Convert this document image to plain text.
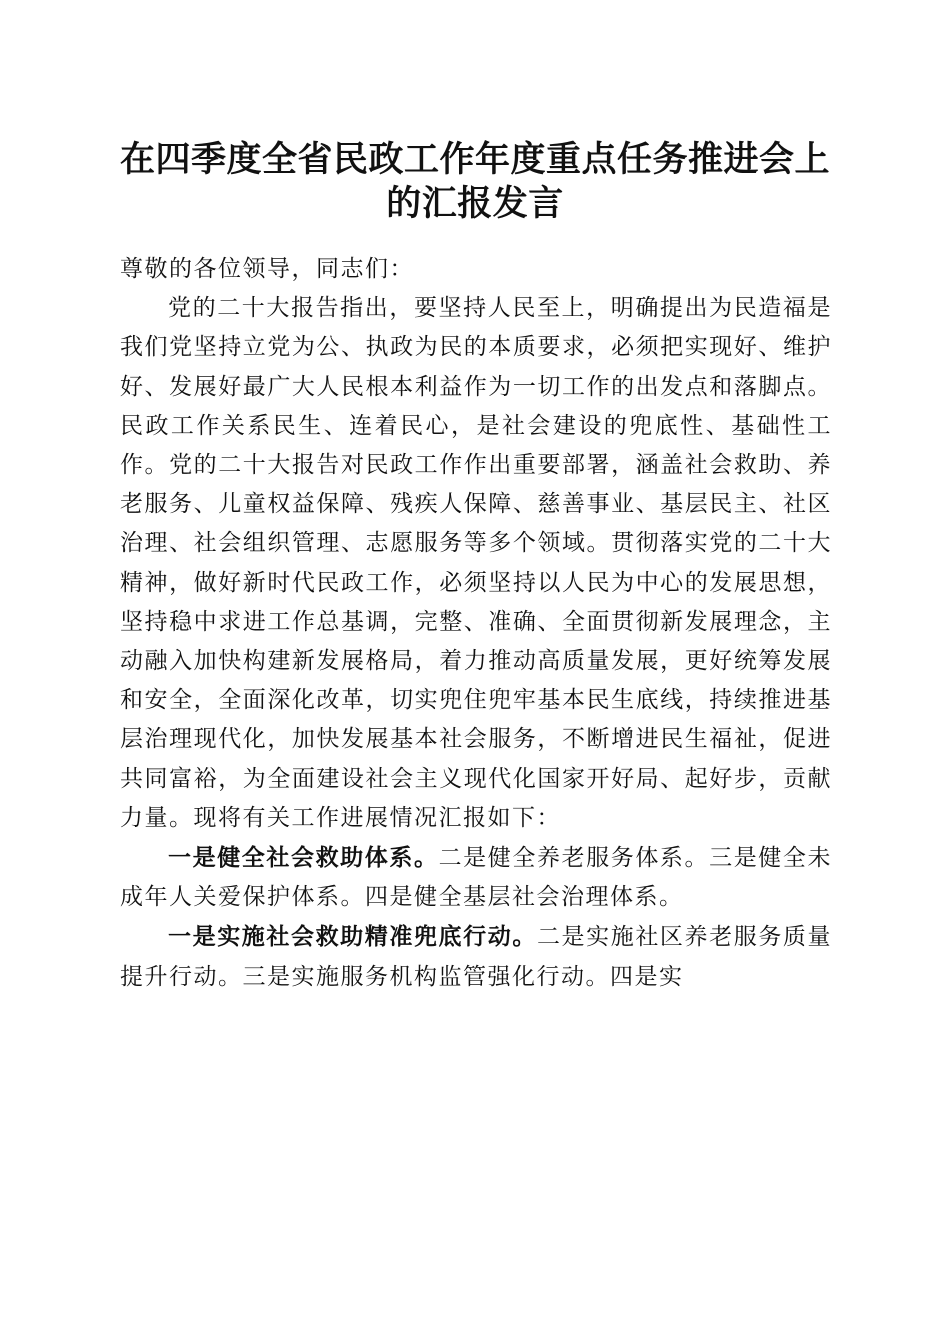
在四季度全省民政工作年度重点任务推进会上
的汇报发言

尊敬的各位领导，同志们：

党的二十大报告指出，要坚持人民至上，明确提出为民造福是我们党坚持立党为公、执政为民的本质要求，必须把实现好、维护好、发展好最广大人民根本利益作为一切工作的出发点和落脚点。民政工作关系民生、连着民心，是社会建设的兜底性、基础性工作。党的二十大报告对民政工作作出重要部署，涵盖社会救助、养老服务、儿童权益保障、残疾人保障、慈善事业、基层民主、社区治理、社会组织管理、志愿服务等多个领域。贯彻落实党的二十大精神，做好新时代民政工作，必须坚持以人民为中心的发展思想，坚持稳中求进工作总基调，完整、准确、全面贯彻新发展理念，主动融入加快构建新发展格局，着力推动高质量发展，更好统筹发展和安全，全面深化改革，切实兜住兜牢基本民生底线，持续推进基层治理现代化，加快发展基本社会服务，不断增进民生福祉，促进共同富裕，为全面建设社会主义现代化国家开好局、起好步，贡献力量。现将有关工作进展情况汇报如下：

一是健全社会救助体系。二是健全养老服务体系。三是健全未成年人关爱保护体系。四是健全基层社会治理体系。

一是实施社会救助精准兜底行动。二是实施社区养老服务质量提升行动。三是实施服务机构监管强化行动。四是实
